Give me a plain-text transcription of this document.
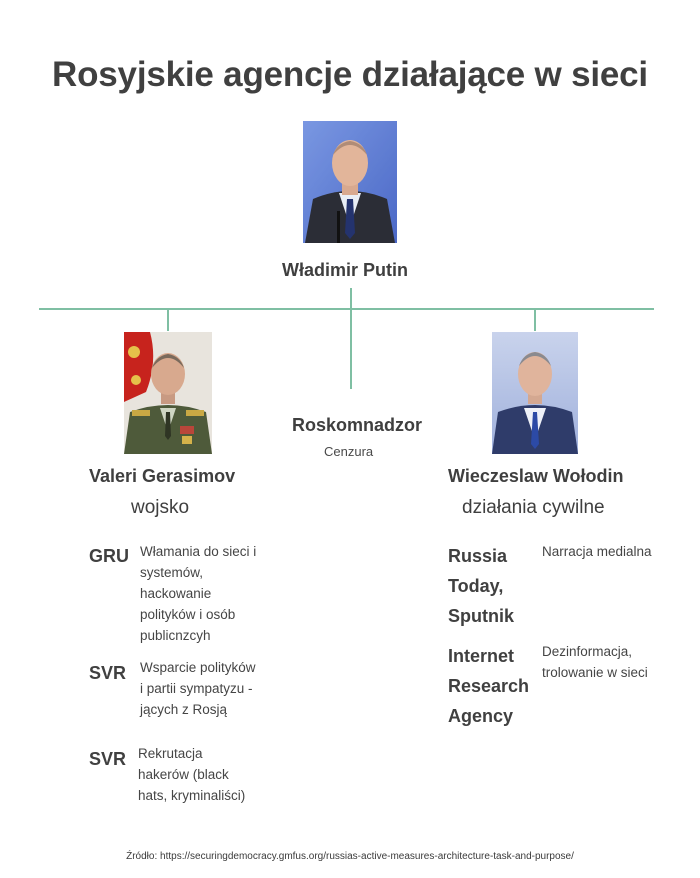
Rosyjskie agencje działające w sieci
Władimir Putin
Roskomnadzor
Cenzura
Valeri Gerasimov
wojsko
Wieczeslaw Wołodin
działania cywilne
GRU Włamania do sieci i
systemów,
hackowanie
polityków i osób
publicnzcyh
SVR Wsparcie polityków
i partii sympatyzu -
jących z Rosją
SVR Rekrutacja
hakerów (black
hats, kryminaliści)
Russia
Today,
Sputnik
Narracja medialna
Internet
Research
Agency
Dezinformacja,
trolowanie w sieci
Źródło: https://securingdemocracy.gmfus.org/russias-active-measures-architecture-task-and-purpose/
